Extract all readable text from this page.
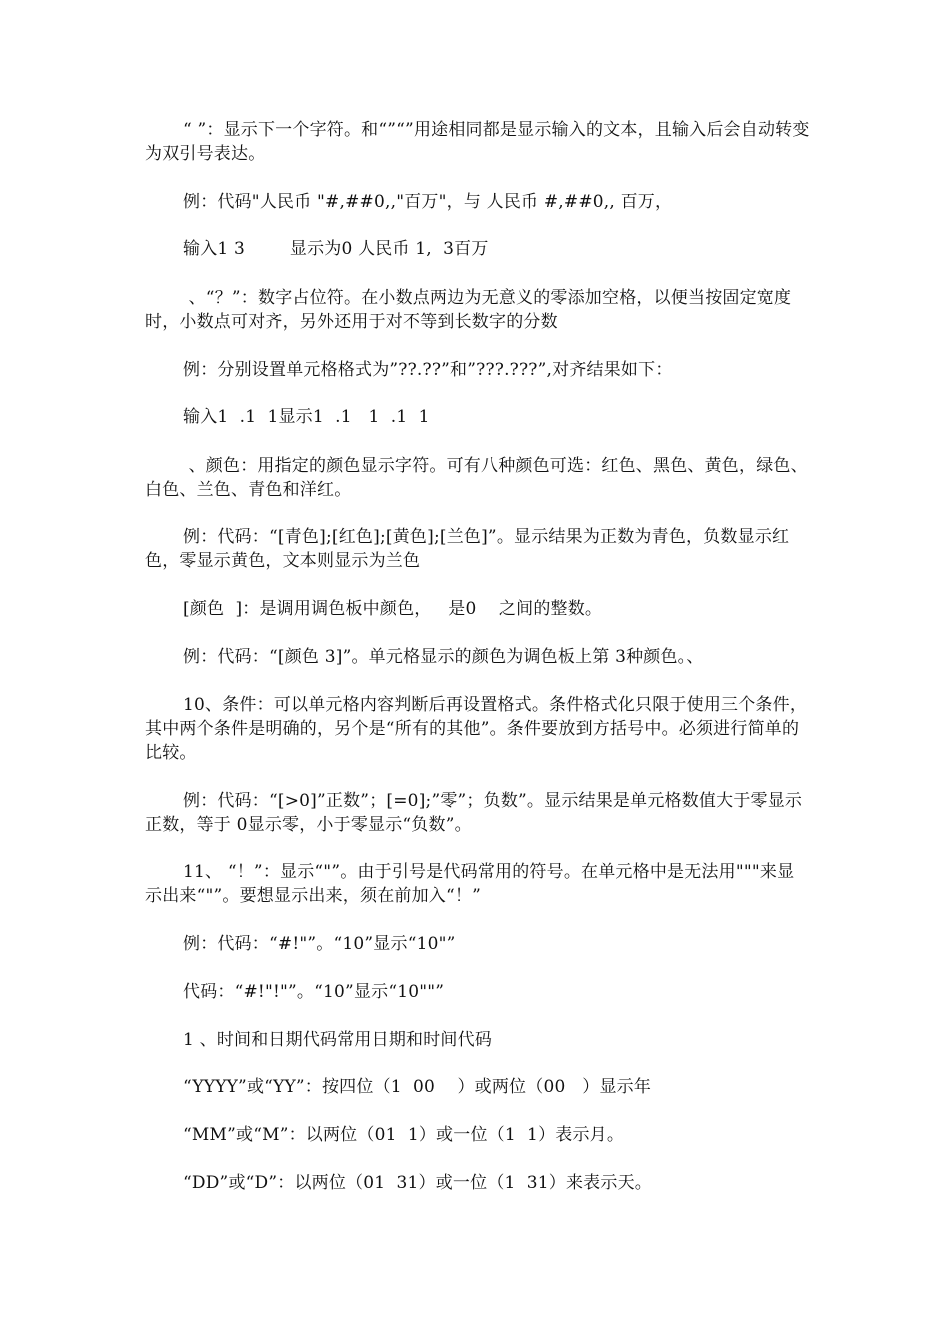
“ ”：显示下一个字符。和“”“”用途相同都是显示输入的文本，且输入后会自动转变为双引号表达。
例：代码"人民币 "#,##0,,"百万"，与 人民币 #,##0,, 百万，
输入1 3        显示为0 人民币 1,  3百万
、“？”：数字占位符。在小数点两边为无意义的零添加空格，以便当按固定宽度时，小数点可对齐，另外还用于对不等到长数字的分数
例：分别设置单元格格式为”??.??”和”???.???”,对齐结果如下：
输入1  .1  1显示1  .1   1  .1  1
、颜色：用指定的颜色显示字符。可有八种颜色可选：红色、黑色、黄色，绿色、白色、兰色、青色和洋红。
例：代码：“[青色];[红色];[黄色];[兰色]”。显示结果为正数为青色，负数显示红色，零显示黄色，文本则显示为兰色
[颜色  ]：是调用调色板中颜色，   是0    之间的整数。
例：代码：“[颜色 3]”。单元格显示的颜色为调色板上第 3种颜色。、
10、条件：可以单元格内容判断后再设置格式。条件格式化只限于使用三个条件，其中两个条件是明确的，另个是“所有的其他”。条件要放到方括号中。必须进行简单的比较。
例：代码：“[>0]”正数”；[=0];”零”；负数”。显示结果是单元格数值大于零显示正数，等于 0显示零，小于零显示“负数”。
11、 “！”：显示“"”。由于引号是代码常用的符号。在单元格中是无法用"""来显示出来“"”。要想显示出来，须在前加入“！”
例：代码：“#!"”。“10”显示“10"”
代码：“#!"!"”。“10”显示“10""”
1 、时间和日期代码常用日期和时间代码
“YYYY”或“YY”：按四位（1  00    ）或两位（00   ）显示年
“MM”或“M”：以两位（01  1）或一位（1  1）表示月。
“DD”或“D”：以两位（01  31）或一位（1  31）来表示天。
